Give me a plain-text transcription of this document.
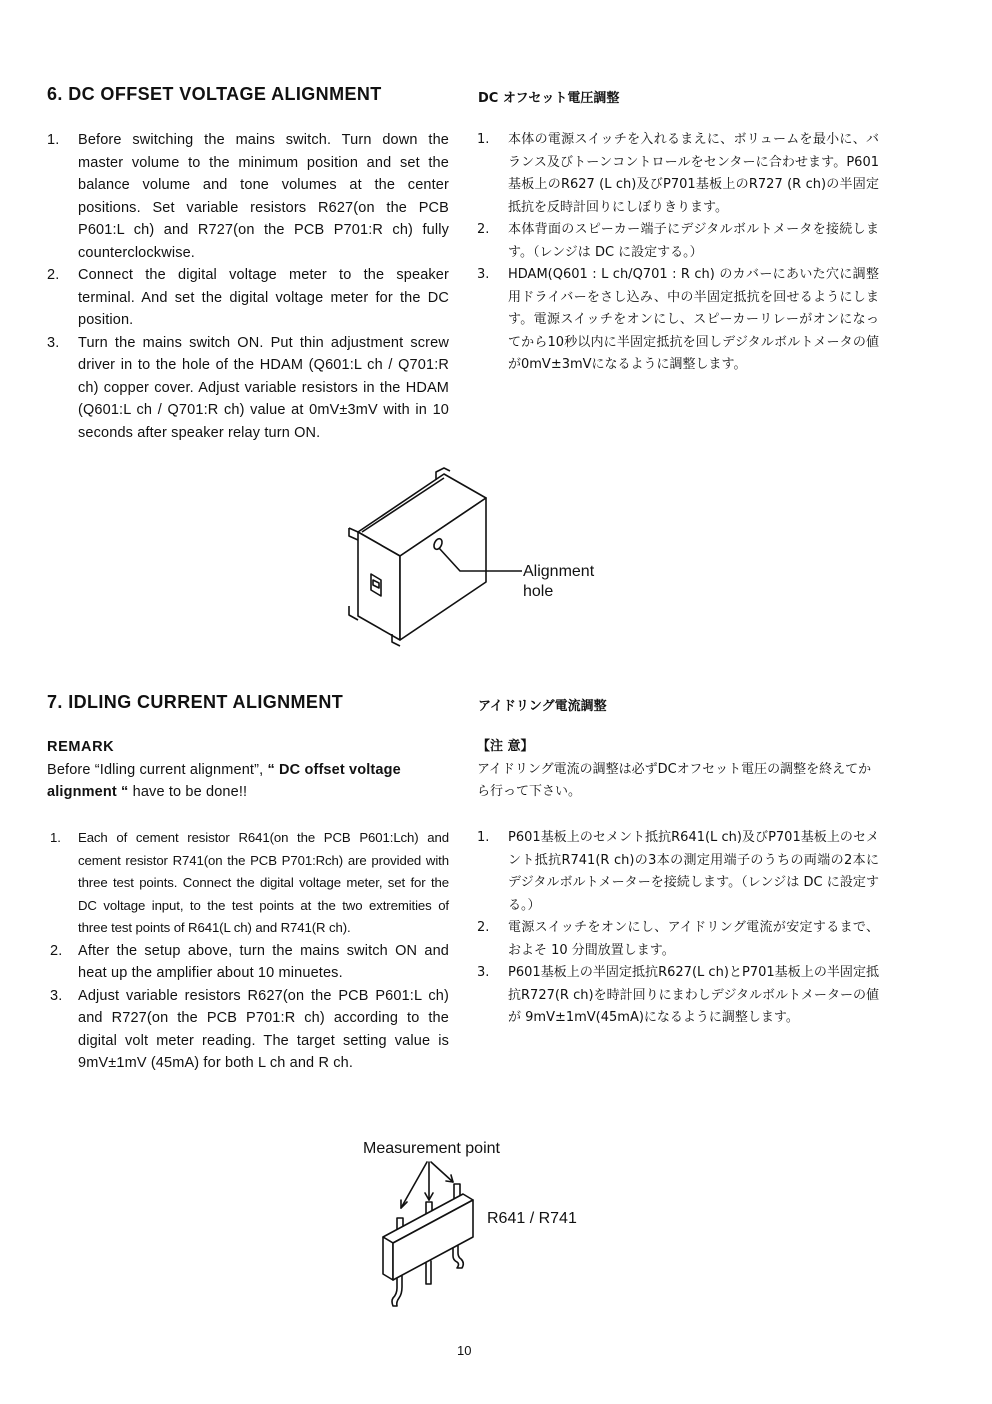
6. DC OFFSET VOLTAGE ALIGNMENT	DC オフセット電圧調整
1. Before switching the mains switch. Turn down the master volume to the minimum position and set the balance volume and tone volumes at the center positions. Set variable resistors R627(on the PCB P601:L ch) and R727(on the PCB P701:R ch) fully counterclockwise.
2. Connect the digital voltage meter to the speaker terminal. And set the digital voltage meter for the DC position.
3. Turn the mains switch ON. Put thin adjustment screw driver in to the hole of the HDAM (Q601:L ch / Q701:R ch) copper cover. Adjust variable resistors in the HDAM (Q601:L ch / Q701:R ch) value at 0mV±3mV with in 10 seconds after speaker relay turn ON.
1. 本体の電源スイッチを入れるまえに、ボリュームを最小に、バランス及びトーンコントロールをセンターに合わせます。P601基板上のR627 (L ch)及びP701基板上のR727 (R ch)の半固定抵抗を反時計回りにしぼりきります。
2. 本体背面のスピーカー端子にデジタルボルトメータを接続します。（レンジは DC に設定する。）
3. HDAM(Q601 : L ch/Q701 : R ch) のカバーにあいた穴に調整用ドライバーをさし込み、中の半固定抵抗を回せるようにします。電源スイッチをオンにし、スピーカーリレーがオンになってから10秒以内に半固定抵抗を回しデジタルボルトメータの値が0mV±3mVになるように調整します。
Alignment
hole
7. IDLING CURRENT ALIGNMENT	アイドリング電流調整
REMARK
Before “Idling current alignment”, “ DC offset voltage alignment “ have to be done!!
【注 意】
アイドリング電流の調整は必ずDCオフセット電圧の調整を終えてから行って下さい。
1. Each of cement resistor R641(on the PCB P601:Lch) and cement resistor R741(on the PCB P701:Rch) are provided with three test points. Connect the digital voltage meter, set for the DC voltage input, to the test points at the two extremities of three test points of R641(L ch) and R741(R ch).
2. After the setup above, turn the mains switch ON and heat up the amplifier about 10 minuetes.
3. Adjust variable resistors R627(on the PCB P601:L ch) and R727(on the PCB P701:R ch) according to the digital volt meter reading. The target setting value is 9mV±1mV (45mA) for both L ch and R ch.
1. P601基板上のセメント抵抗R641(L ch)及びP701基板上のセメント抵抗R741(R ch)の3本の測定用端子のうちの両端の2本にデジタルボルトメーターを接続します。（レンジは DC に設定する。）
2. 電源スイッチをオンにし、アイドリング電流が安定するまで、およそ 10 分間放置します。
3. P601基板上の半固定抵抗R627(L ch)とP701基板上の半固定抵抗R727(R ch)を時計回りにまわしデジタルボルトメーターの値が 9mV±1mV(45mA)になるように調整します。
Measurement point
R641 / R741
10
